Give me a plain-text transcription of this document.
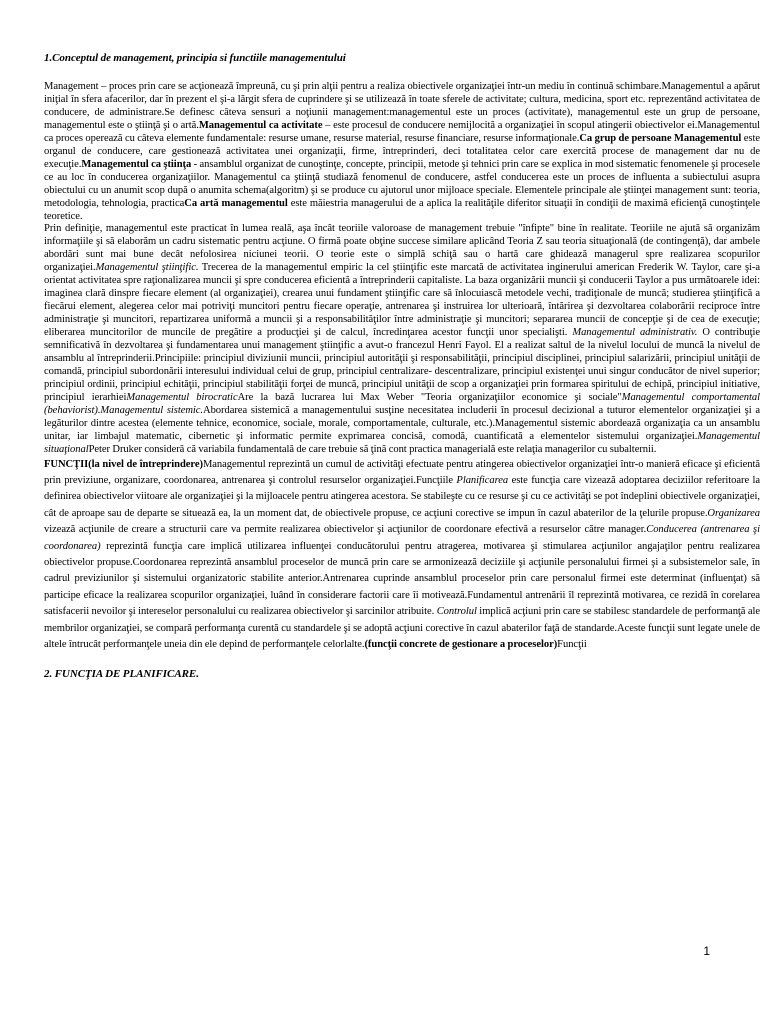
1.Conceptul de management, principia si functiile managementului

Management – proces prin care se acţionează împreună, cu şi prin alţii pentru a realiza obiectivele organizaţiei într-un mediu în continuă schimbare.Managementul a apărut iniţial în sfera afacerilor, dar în prezent el şi-a lărgit sfera de cuprindere şi se utilizează în toate sferele de activitate; cultura, medicina, sport etc. reprezentând activitatea de conducere, de administrare.Se definesc câteva sensuri a noţiunii management:managementul este un proces (activitate), managementul este un grup de persoane, managementul este o ştiinţă şi o artă.Managementul ca activitate – este procesul de conducere nemijlocită a organizaţiei în scopul atingerii obiectivelor ei.Managementul ca proces operează cu câteva elemente fundamentale: resurse umane, resurse material, resurse financiare, resurse informaţionale.Ca grup de persoane Managementul este organul de conducere, care gestionează activitatea unei organizaţii, firme, întreprinderi, deci totalitatea celor care exercită procese de management dar nu de execuţie.Managementul ca ştiinţa - ansamblul organizat de cunoştinţe, concepte, principii, metode şi tehnici prin care se explica in mod sistematic fenomenele şi procesele ce au loc în conducerea organizaţiilor. Managementul ca ştiinţă studiază fenomenul de conducere, astfel conducerea este un proces de influenta a subiectului asupra obiectului cu un anumit scop după o anumita schema(algoritm) şi se produce cu ajutorul unor mijloace speciale. Elementele principale ale ştiinţei management sunt: teoria, metodologia, tehnologia, practicaCa artă managementul este măiestria managerului de a aplica la realităţile diferitor situaţii în condiţii de maximă eficienţă cunoştinţele teoretice.

Prin definiţie, managementul este practicat în lumea reală, aşa încât teoriile valoroase de management trebuie "înfipte" bine în realitate. Teoriile ne ajută să organizăm informaţiile şi să elaborăm un cadru sistematic pentru acţiune. O firmă poate obţine succese similare aplicând Teoria Z sau teoria situaţională (de contingenţă), dar ambele abordări sunt mai bune decât nefolosirea niciunei teorii. O teorie este o simplă schiţă sau o hartă care ghidează managerul spre realizarea scopurilor organizaţiei.Managementul ştiinţific. Trecerea de la managementul empiric la cel ştiinţific este marcată de activitatea inginerului american Frederik W. Taylor, care şi-a orientat activitatea spre raţionalizarea muncii şi spre conducerea eficientă a întreprinderii capitaliste. La baza organizării muncii şi conducerii Taylor a pus următoarele idei: imaginea clară dinspre fiecare element (al organizaţiei), crearea unui fundament ştiinţific care să înlocuiască metodele vechi, tradiţionale de muncă; studierea ştiinţifică a fiecărui element, alegerea celor mai potriviţi muncitori pentru fiecare operaţie, antrenarea şi instruirea lor ulterioară, întărirea şi dezvoltarea colaborării reciproce între administraţie şi muncitori, repartizarea uniformă a muncii şi a responsabilităţilor între administraţie şi muncitori; separarea muncii de concepţie şi de cea de execuţie; eliberarea muncitorilor de muncile de pregătire a producţiei şi de calcul, încredinţarea acestor funcţii unor specialişti. Managementul administrativ. O contribuţie semnificativă în dezvoltarea şi fundamentarea unui management ştiinţific a avut-o francezul Henri Fayol. El a realizat saltul de la nivelul locului de muncă la nivelul de ansamblu al întreprinderii.Principiile: principiul diviziunii muncii, principiul autorităţii şi responsabilităţii, principiul disciplinei, principiul salarizării, principiul unităţii de comandă, principiul subordonării interesului individual celui de grup, principiul centralizare- descentralizare, principiul existenţei unui singur conducător de nivel superior; principiul ordinii, principiul echităţii, principiul stabilităţii forţei de muncă, principiul unităţii de scop a organizaţiei prin formarea spiritului de echipă, principiul initiative, principiul ierarhieiManagementul birocraticAre la bază lucrarea lui Max Weber "Teoria organizaţiilor economice şi sociale"Managementul comportamental (behaviorist).Managementul sistemic.Abordarea sistemică a managementului susţine necesitatea includerii în procesul decizional a tuturor elementelor organizaţiei şi a legăturilor dintre acestea (elemente tehnice, economice, sociale, morale, comportamentale, culturale, etc.).Managementul sistemic abordează organizaţia ca un ansamblu unitar, iar limbajul matematic, cibernetic şi informatic permite exprimarea concisă, comodă, cuantificată a elementelor sistemului organizaţiei.Managementul situaţionalPeter Druker consideră că variabila fundamentală de care trebuie să ţină cont practica managerială este relaţia managerilor cu subalternii.

FUNCŢII(la nivel de întreprindere)Managementul reprezintă un cumul de activităţi efectuate pentru atingerea obiectivelor organizaţiei într-o manieră eficace şi eficientă prin previziune, organizare, coordonarea, antrenarea şi controlul resurselor organizaţiei.Funcţiile Planificarea este funcţia care vizează adoptarea deciziilor referitoare la definirea obiectivelor viitoare ale organizaţiei şi la mijloacele pentru atingerea acestora. Se stabileşte cu ce resurse şi cu ce activităţi se pot îndeplini obiectivele organizaţiei, cât de aproape sau de departe se situează ea, la un moment dat, de obiectivele propuse, ce acţiuni corective se impun în cazul abaterilor de la ţelurile propuse.Organizarea vizează acţiunile de creare a structurii care va permite realizarea obiectivelor şi acţiunilor de coordonare efectivă a resurselor către manager.Conducerea (antrenarea şi coordonarea) reprezintă funcţia care implică utilizarea influenţei conducătorului pentru atragerea, motivarea şi stimularea acţiunilor angajaţilor pentru realizarea obiectivelor propuse.Coordonarea reprezintă ansamblul proceselor de muncă prin care se armonizează deciziile şi acţiunile personalului firmei şi a subsistemelor sale, în cadrul previziunilor şi sistemului organizatoric stabilite anterior.Antrenarea cuprinde ansamblul proceselor prin care personalul firmei este determinat (influenţat) să participe eficace la realizarea scopurilor organizaţiei, luând în considerare factorii care îi motivează.Fundamentul antrenării îl reprezintă motivarea, ce rezidă în corelarea satisfacerii nevoilor şi intereselor personalului cu realizarea obiectivelor şi sarcinilor atribuite. Controlul implică acţiuni prin care se stabilesc standardele de performanţă ale membrilor organizaţiei, se compară performanţa curentă cu standardele şi se adoptă acţiuni corective în cazul abaterilor faţă de standarde.Aceste funcţii sunt legate unele de altele întrucât performanţele uneia din ele depind de performanţele celorlalte.(funcţii concrete de gestionare a proceselor)Funcţii

2. FUNCŢIA DE PLANIFICARE.
1
